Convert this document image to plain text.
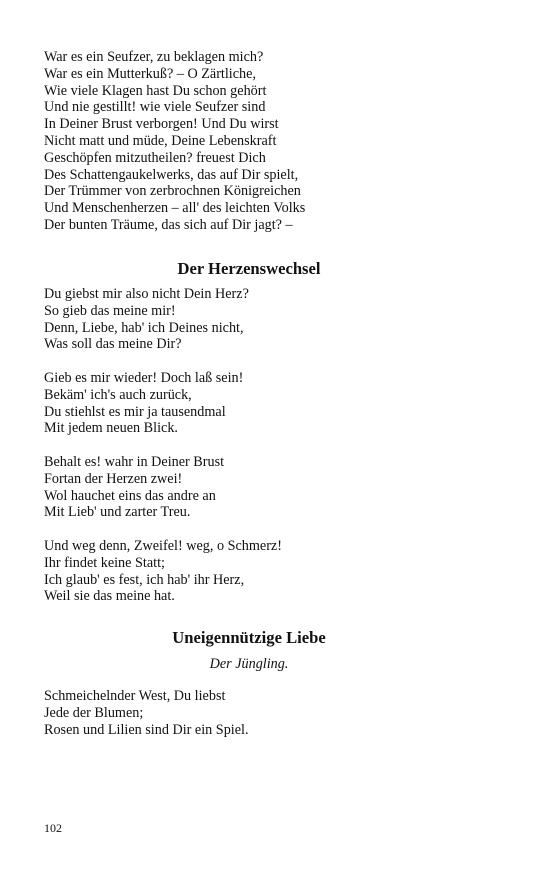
War es ein Seufzer, zu beklagen mich?
War es ein Mutterkuß? – O Zärtliche,
Wie viele Klagen hast Du schon gehört
Und nie gestillt! wie viele Seufzer sind
In Deiner Brust verborgen! Und Du wirst
Nicht matt und müde, Deine Lebenskraft
Geschöpfen mitzutheilen? freuest Dich
Des Schattengaukelwerks, das auf Dir spielt,
Der Trümmer von zerbrochnen Königreichen
Und Menschenherzen – all' des leichten Volks
Der bunten Träume, das sich auf Dir jagt? –
Der Herzenswechsel
Du giebst mir also nicht Dein Herz?
So gieb das meine mir!
Denn, Liebe, hab' ich Deines nicht,
Was soll das meine Dir?
Gieb es mir wieder! Doch laß sein!
Bekäm' ich's auch zurück,
Du stiehlst es mir ja tausendmal
Mit jedem neuen Blick.
Behalt es! wahr in Deiner Brust
Fortan der Herzen zwei!
Wol hauchet eins das andre an
Mit Lieb' und zarter Treu.
Und weg denn, Zweifel! weg, o Schmerz!
Ihr findet keine Statt;
Ich glaub' es fest, ich hab' ihr Herz,
Weil sie das meine hat.
Uneigennützige Liebe
Der Jüngling.
Schmeichelnder West, Du liebst
Jede der Blumen;
Rosen und Lilien sind Dir ein Spiel.
102
